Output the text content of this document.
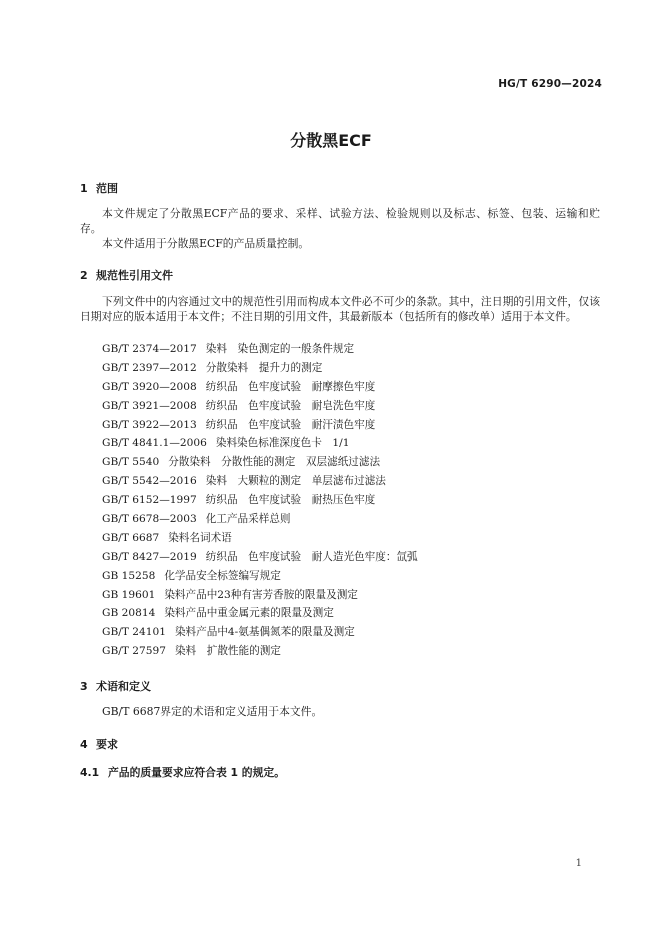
HG/T 6290—2024
分散黑ECF
1 范围

本文件规定了分散黑ECF产品的要求、采样、试验方法、检验规则以及标志、标签、包装、运输和贮存。

本文件适用于分散黑ECF的产品质量控制。

2 规范性引用文件

下列文件中的内容通过文中的规范性引用而构成本文件必不可少的条款。其中，注日期的引用文件，仅该日期对应的版本适用于本文件；不注日期的引用文件，其最新版本（包括所有的修改单）适用于本文件。

GB/T 2374—2017 染料　染色测定的一般条件规定
GB/T 2397—2012 分散染料　提升力的测定
GB/T 3920—2008 纺织品　色牢度试验　耐摩擦色牢度
GB/T 3921—2008 纺织品　色牢度试验　耐皂洗色牢度
GB/T 3922—2013 纺织品　色牢度试验　耐汗渍色牢度
GB/T 4841.1—2006 染料染色标准深度色卡　1/1
GB/T 5540 分散染料　分散性能的测定　双层滤纸过滤法
GB/T 5542—2016 染料　大颗粒的测定　单层滤布过滤法
GB/T 6152—1997 纺织品　色牢度试验　耐热压色牢度
GB/T 6678—2003 化工产品采样总则
GB/T 6687 染料名词术语
GB/T 8427—2019 纺织品　色牢度试验　耐人造光色牢度：氙弧
GB 15258 化学品安全标签编写规定
GB 19601 染料产品中23种有害芳香胺的限量及测定
GB 20814 染料产品中重金属元素的限量及测定
GB/T 24101 染料产品中4-氨基偶氮苯的限量及测定
GB/T 27597 染料　扩散性能的测定
3 术语和定义

GB/T 6687界定的术语和定义适用于本文件。

4 要求
4.1 产品的质量要求应符合表 1 的规定。
1
